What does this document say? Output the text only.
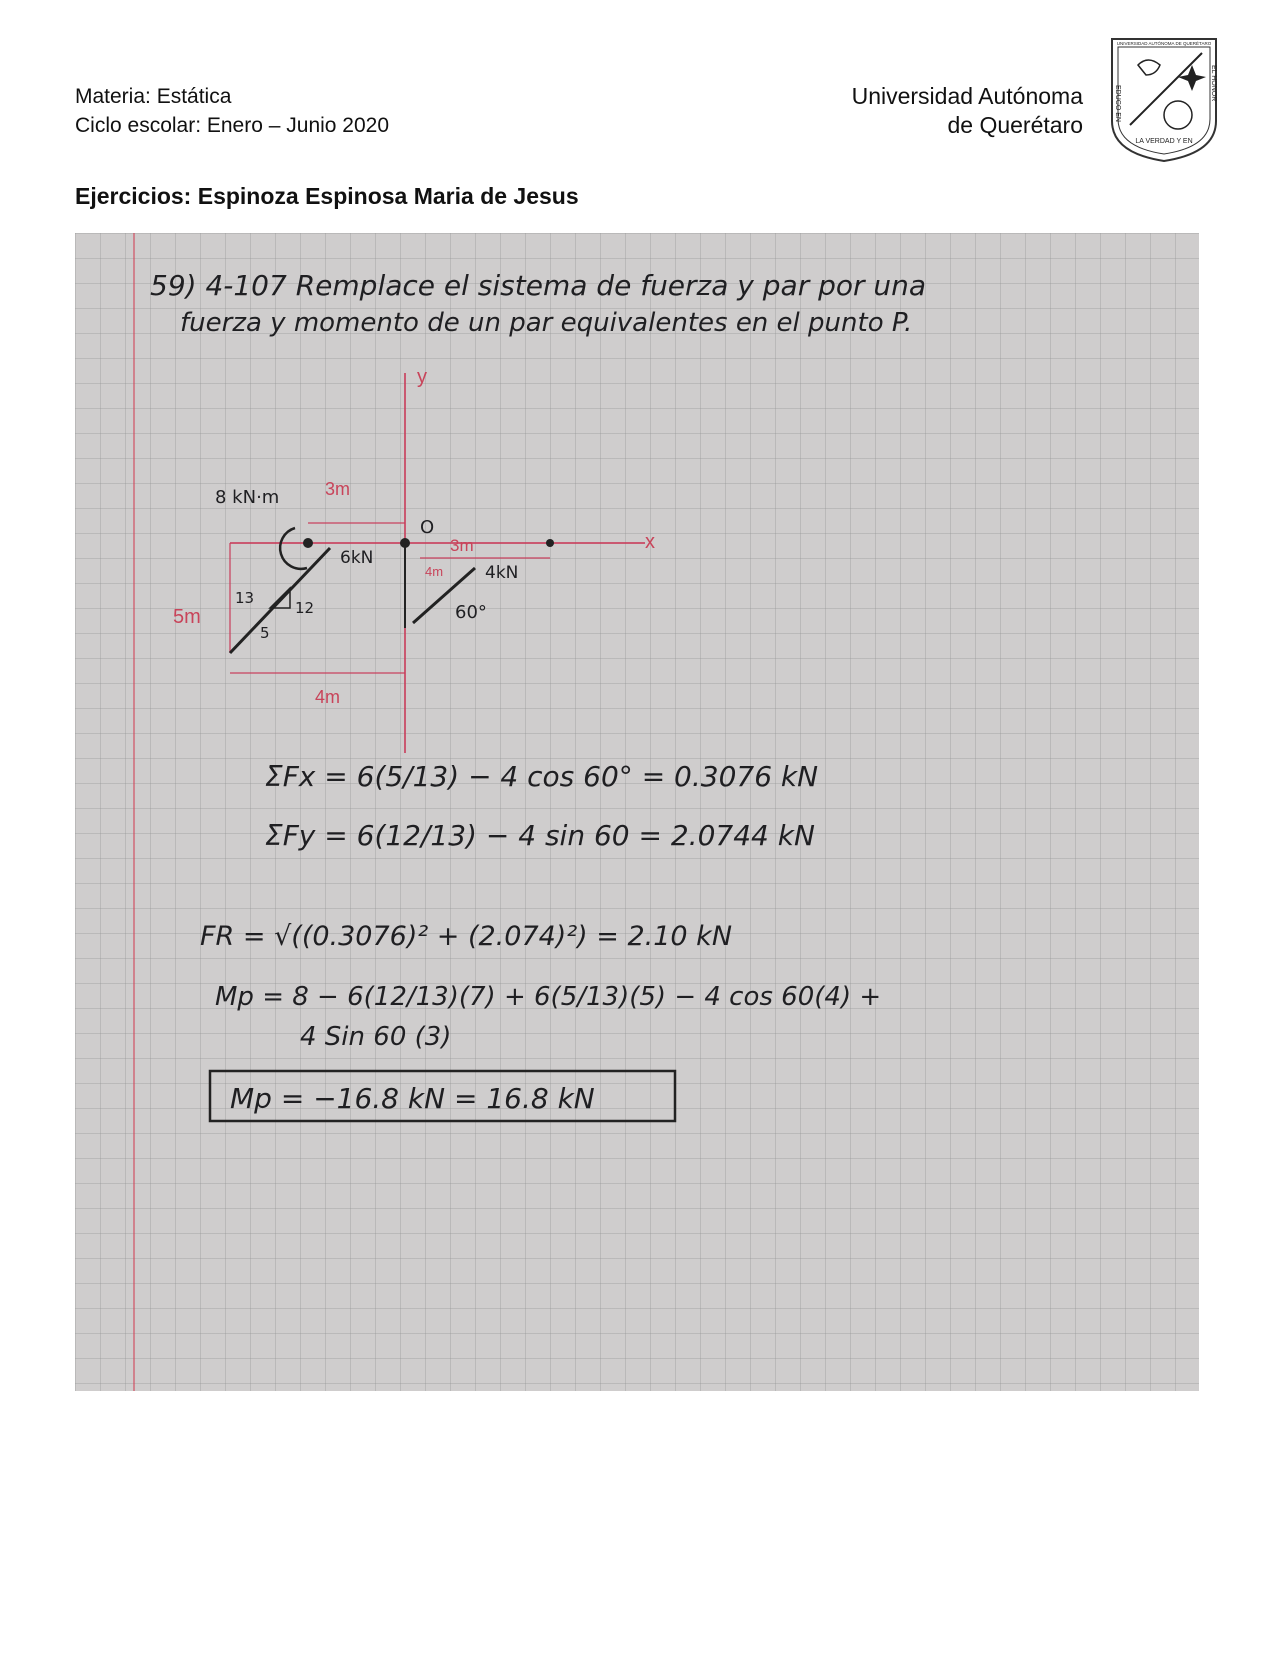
Materia: Estática
Ciclo escolar: Enero – Junio 2020
Universidad Autónoma
de Querétaro
UNIVERSIDAD AUTÓNOMA DE QUERÉTARO
EDUCO EN
LA VERDAD Y EN
EL HONOR
Ejercicios: Espinoza Espinosa Maria de Jesus
59) 4-107 Remplace el sistema de fuerza y par por una
fuerza y momento de un par equivalentes en el punto P.
y
x
O
8 kN·m	3m
3m
4m
5m
4m
6kN
13
12
5
4kN
60°
ΣFx = 6(5/13) − 4 cos 60° = 0.3076 kN
ΣFy = 6(12/13) − 4 sin 60 = 2.0744 kN
FR = √((0.3076)² + (2.074)²) = 2.10 kN
Mp = 8 − 6(12/13)(7) + 6(5/13)(5) − 4 cos 60(4) +
4 Sin 60 (3)
Mp = −16.8 kN = 16.8 kN
